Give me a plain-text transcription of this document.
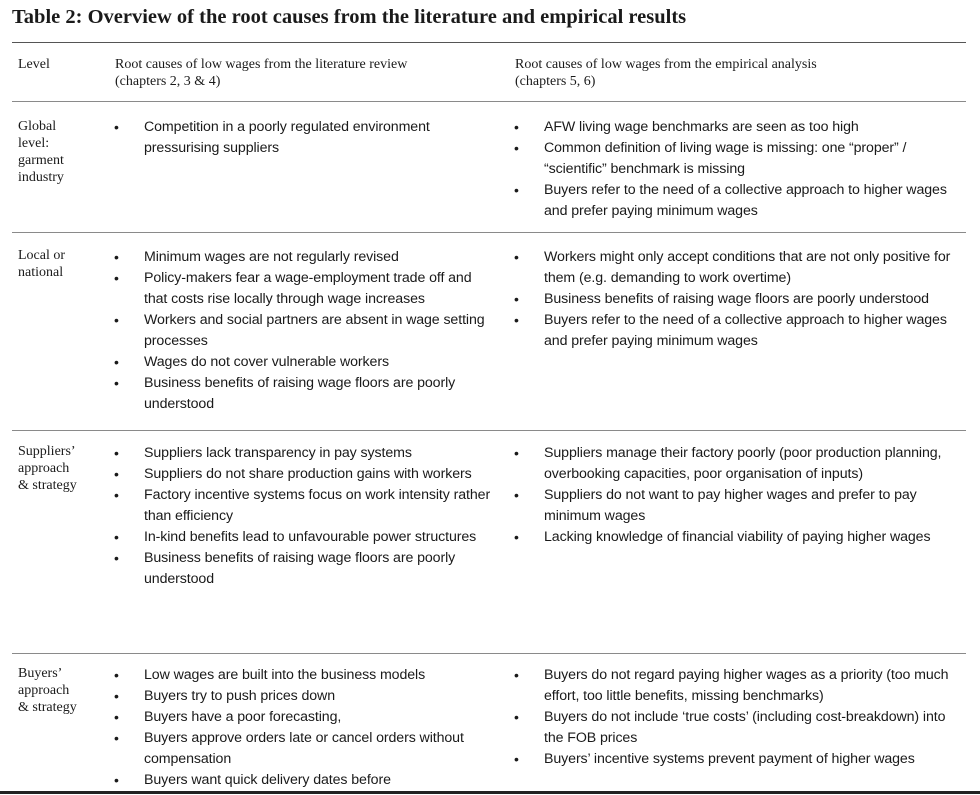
Table 2: Overview of the root causes from the literature and empirical results
Level	Root causes of low wages from the literature review
(chapters 2, 3 & 4)
Root causes of low wages from the empirical analysis
(chapters 5, 6)
Global
level:
garment
industry
• Competition in a poorly regulated environment pressurising suppliers
• AFW living wage benchmarks are seen as too high
• Common definition of living wage is missing: one “proper” / “scientific” benchmark is missing
• Buyers refer to the need of a collective approach to higher wages and prefer paying minimum wages
Local or
national
• Minimum wages are not regularly revised
• Policy-makers fear a wage-employment trade off and that costs rise locally through wage increases
• Workers and social partners are absent in wage setting processes
• Wages do not cover vulnerable workers
• Business benefits of raising wage floors are poorly understood
• Workers might only accept conditions that are not only positive for them (e.g. demanding to work overtime)
• Business benefits of raising wage floors are poorly understood
• Buyers refer to the need of a collective approach to higher wages and prefer paying minimum wages
Suppliers’
approach
& strategy
• Suppliers lack transparency in pay systems
• Suppliers do not share production gains with workers
• Factory incentive systems focus on work intensity rather than efficiency
• In-kind benefits lead to unfavourable power structures
• Business benefits of raising wage floors are poorly understood
• Suppliers manage their factory poorly (poor production planning, overbooking capacities, poor organisation of inputs)
• Suppliers do not want to pay higher wages and prefer to pay minimum wages
• Lacking knowledge of financial viability of paying higher wages
Buyers’
approach
& strategy
• Low wages are built into the business models
• Buyers try to push prices down
• Buyers have a poor forecasting,
• Buyers approve orders late or cancel orders without compensation
• Buyers want quick delivery dates before
• Buyers do not regard paying higher wages as a priority (too much effort, too little benefits, missing benchmarks)
• Buyers do not include ‘true costs’ (including cost-breakdown) into the FOB prices
• Buyers’ incentive systems prevent payment of higher wages
